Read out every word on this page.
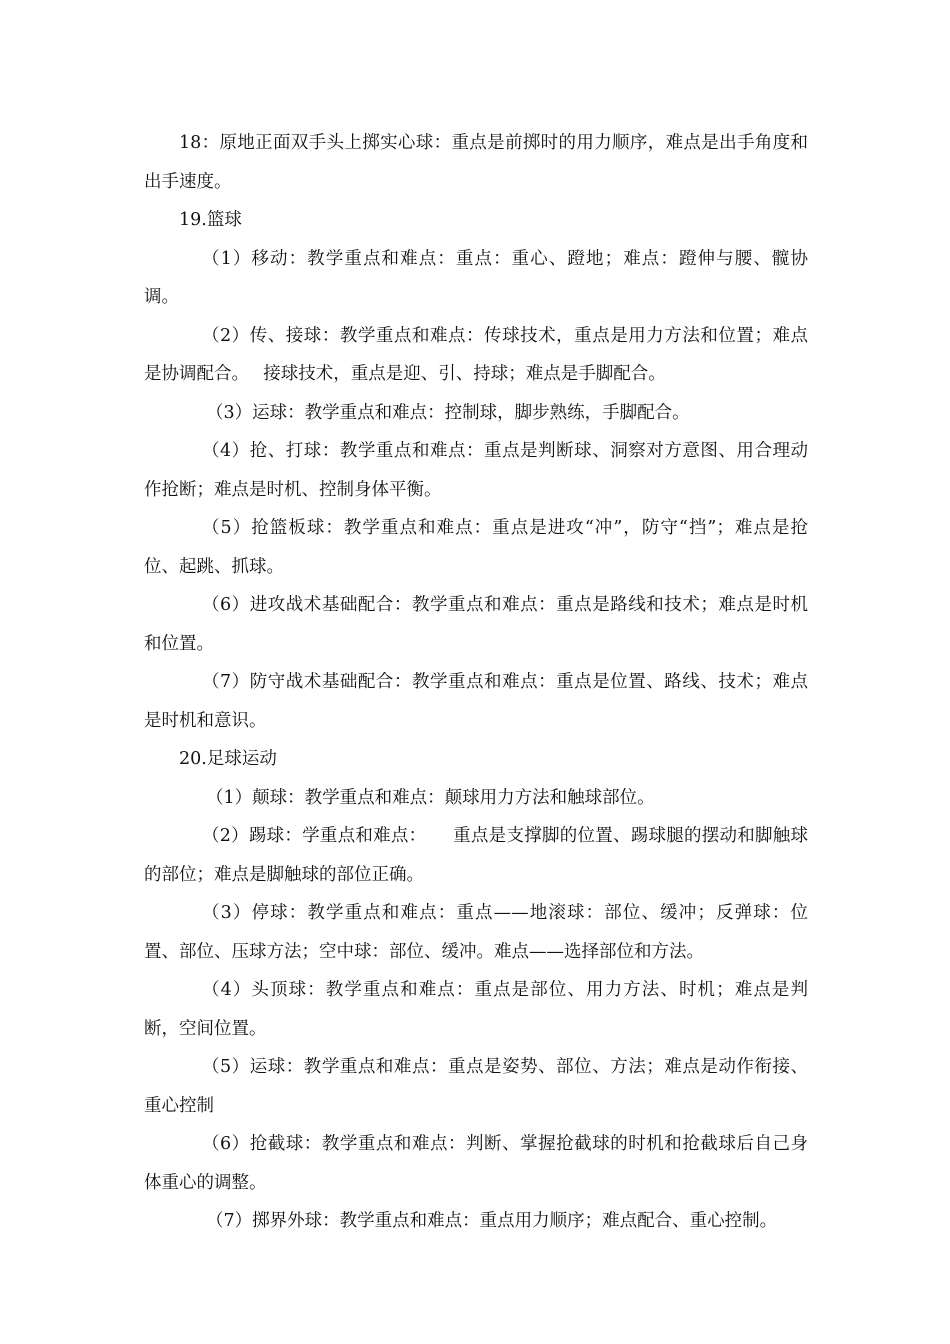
18：原地正面双手头上掷实心球：重点是前掷时的用力顺序，难点是出手角度和出手速度。

19.篮球

（1）移动：教学重点和难点：重点：重心、蹬地；难点：蹬伸与腰、髋协调。

（2）传、接球：教学重点和难点：传球技术，重点是用力方法和位置；难点是协调配合。　 接球技术，重点是迎、引、持球；难点是手脚配合。

（3）运球：教学重点和难点：控制球，脚步熟练，手脚配合。

（4）抢、打球：教学重点和难点：重点是判断球、洞察对方意图、用合理动作抢断；难点是时机、控制身体平衡。

（5）抢篮板球：教学重点和难点：重点是进攻“冲”，防守“挡”；难点是抢位、起跳、抓球。

（6）进攻战术基础配合：教学重点和难点：重点是路线和技术；难点是时机和位置。

（7）防守战术基础配合：教学重点和难点：重点是位置、路线、技术；难点是时机和意识。

20.足球运动

（1）颠球：教学重点和难点：颠球用力方法和触球部位。

（2）踢球：学重点和难点：　　重点是支撑脚的位置、踢球腿的摆动和脚触球的部位；难点是脚触球的部位正确。

（3）停球：教学重点和难点：重点——地滚球：部位、缓冲；反弹球：位置、部位、压球方法；空中球：部位、缓冲。难点——选择部位和方法。

（4）头顶球：教学重点和难点：重点是部位、用力方法、时机；难点是判断，空间位置。

（5）运球：教学重点和难点：重点是姿势、部位、方法；难点是动作衔接、重心控制

（6）抢截球：教学重点和难点：判断、掌握抢截球的时机和抢截球后自己身体重心的调整。

（7）掷界外球：教学重点和难点：重点用力顺序；难点配合、重心控制。
